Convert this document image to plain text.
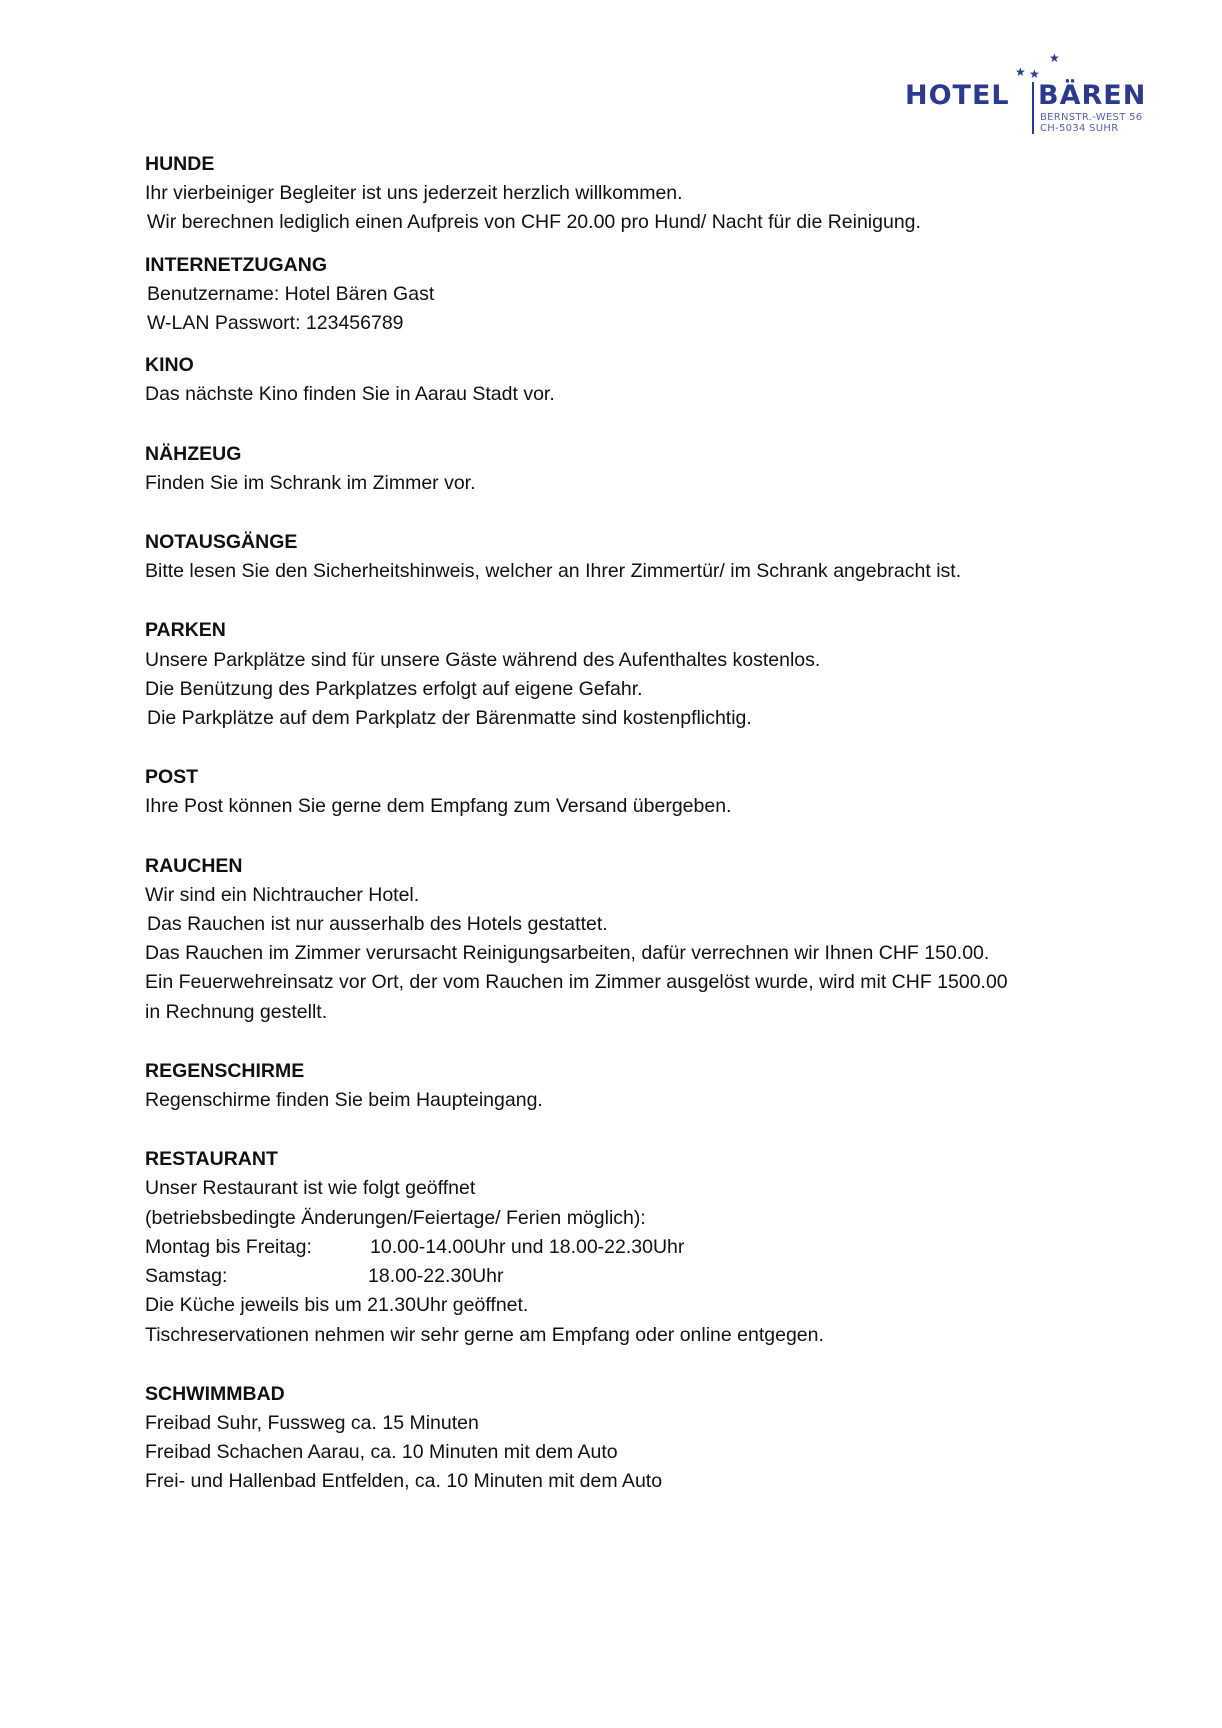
★ ★
★
HOTEL BÄREN
BERNSTR.-WEST 56
CH-5034 SUHR
HUNDE
Ihr vierbeiniger Begleiter ist uns jederzeit herzlich willkommen.
Wir berechnen lediglich einen Aufpreis von CHF 20.00 pro Hund/ Nacht für die Reinigung.
INTERNETZUGANG
Benutzername: Hotel Bären Gast
W-LAN Passwort: 123456789
KINO
Das nächste Kino finden Sie in Aarau Stadt vor.
NÄHZEUG
Finden Sie im Schrank im Zimmer vor.
NOTAUSGÄNGE
Bitte lesen Sie den Sicherheitshinweis, welcher an Ihrer Zimmertür/ im Schrank angebracht ist.
PARKEN
Unsere Parkplätze sind für unsere Gäste während des Aufenthaltes kostenlos.
Die Benützung des Parkplatzes erfolgt auf eigene Gefahr.
Die Parkplätze auf dem Parkplatz der Bärenmatte sind kostenpflichtig.
POST
Ihre Post können Sie gerne dem Empfang zum Versand übergeben.
RAUCHEN
Wir sind ein Nichtraucher Hotel.
Das Rauchen ist nur ausserhalb des Hotels gestattet.
Das Rauchen im Zimmer verursacht Reinigungsarbeiten, dafür verrechnen wir Ihnen CHF 150.00.
Ein Feuerwehreinsatz vor Ort, der vom Rauchen im Zimmer ausgelöst wurde, wird mit CHF 1500.00
in Rechnung gestellt.
REGENSCHIRME
Regenschirme finden Sie beim Haupteingang.
RESTAURANT
Unser Restaurant ist wie folgt geöffnet
(betriebsbedingte Änderungen/Feiertage/ Ferien möglich):
Montag bis Freitag:	10.00-14.00Uhr und 18.00-22.30Uhr
Samstag:	18.00-22.30Uhr
Die Küche jeweils bis um 21.30Uhr geöffnet.
Tischreservationen nehmen wir sehr gerne am Empfang oder online entgegen.
SCHWIMMBAD
Freibad Suhr, Fussweg ca. 15 Minuten
Freibad Schachen Aarau, ca. 10 Minuten mit dem Auto
Frei- und Hallenbad Entfelden, ca. 10 Minuten mit dem Auto
